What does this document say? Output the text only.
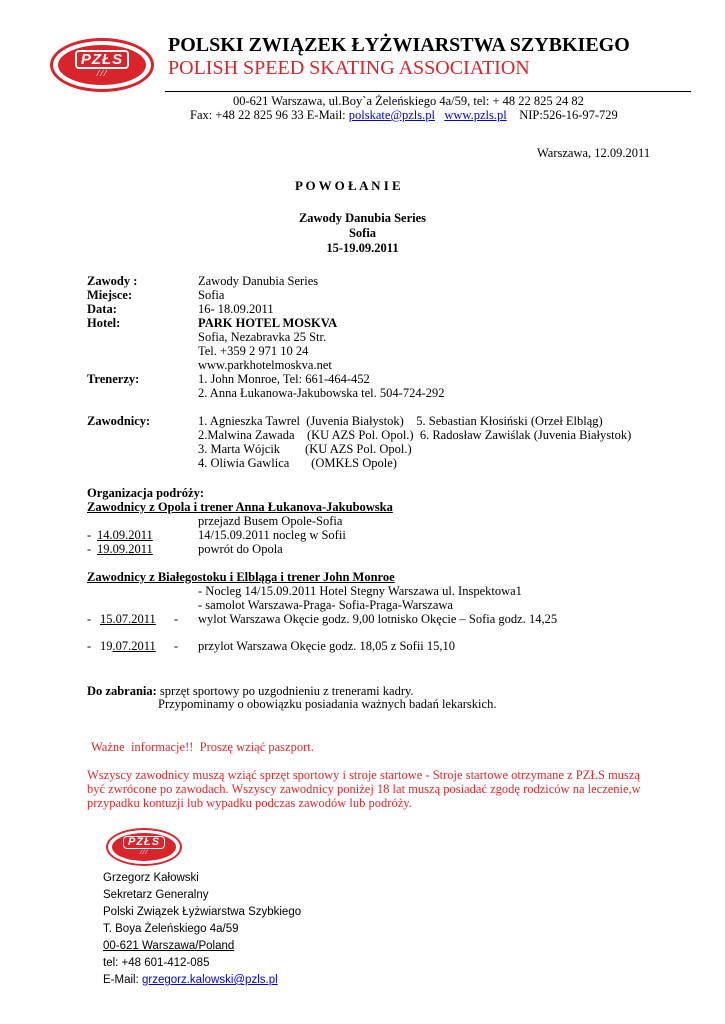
PZŁS
⁄ ⁄ ⁄
POLSKI ZWIĄZEK ŁYŻWIARSTWA SZYBKIEGO
POLISH SPEED SKATING ASSOCIATION
00-621 Warszawa, ul.Boy`a Żeleńskiego 4a/59, tel: + 48 22 825 24 82
Fax: +48 22 825 96 33 E-Mail: polskate@pzls.pl www.pzls.pl NIP:526-16-97-729
Warszawa, 12.09.2011
P O W O Ł A N I E
Zawody Danubia Series
Sofia
15-19.09.2011
Zawody :	Zawody Danubia Series
Miejsce:	Sofia
Data:	16- 18.09.2011
Hotel:	PARK HOTEL MOSKVA
Sofia, Nezabravka 25 Str.
Tel. +359 2 971 10 24
www.parkhotelmoskva.net
Trenerzy:	1. John Monroe, Tel: 661-464-452
2. Anna Łukanowa-Jakubowska tel. 504-724-292
Zawodnicy:	1. Agnieszka Tawrel  (Juvenia Białystok)    5. Sebastian Kłosiński (Orzeł Elbląg)
2.Malwina Zawada    (KU AZS Pol. Opol.)  6. Radosław Zawiślak (Juvenia Białystok)
3. Marta Wójcik        (KU AZS Pol. Opol.)
4. Oliwia Gawlica       (OMKŁS Opole)
Organizacja podróży:
Zawodnicy z Opola i trener Anna Łukanova-Jakubowska
przejazd Busem Opole-Sofia
- 14.09.2011	14/15.09.2011 nocleg w Sofii
- 19.09.2011	powrót do Opola
Zawodnicy z Białegostoku i Elbląga i trener John Monroe
- Nocleg 14/15.09.2011 Hotel Stegny Warszawa ul. Inspektowa1
- samolot Warszawa-Praga- Sofia-Praga-Warszawa
- 15.07.2011 - wylot Warszawa Okęcie godz. 9,00 lotnisko Okęcie – Sofia godz. 14,25
- 19.07.2011 - przylot Warszawa Okęcie godz. 18,05 z Sofii 15,10
Do zabrania: sprzęt sportowy po uzgodnieniu z trenerami kadry.
Przypominamy o obowiązku posiadania ważnych badań lekarskich.
Ważne  informacje!!  Proszę wziąć paszport.
Wszyscy zawodnicy muszą wziąć sprzęt sportowy i stroje startowe - Stroje startowe otrzymane z PZŁS muszą
być zwrócone po zawodach. Wszyscy zawodnicy poniżej 18 lat muszą posiadać zgodę rodziców na leczenie,w
przypadku kontuzji lub wypadku podczas zawodów lub podróży.
PZŁS
⁄ ⁄ ⁄
Grzegorz Kałowski
Sekretarz Generalny
Polski Związek Łyżwiarstwa Szybkiego
T. Boya Żeleńskiego 4a/59
00-621 Warszawa/Poland
tel: +48 601-412-085
E-Mail: grzegorz.kalowski@pzls.pl
